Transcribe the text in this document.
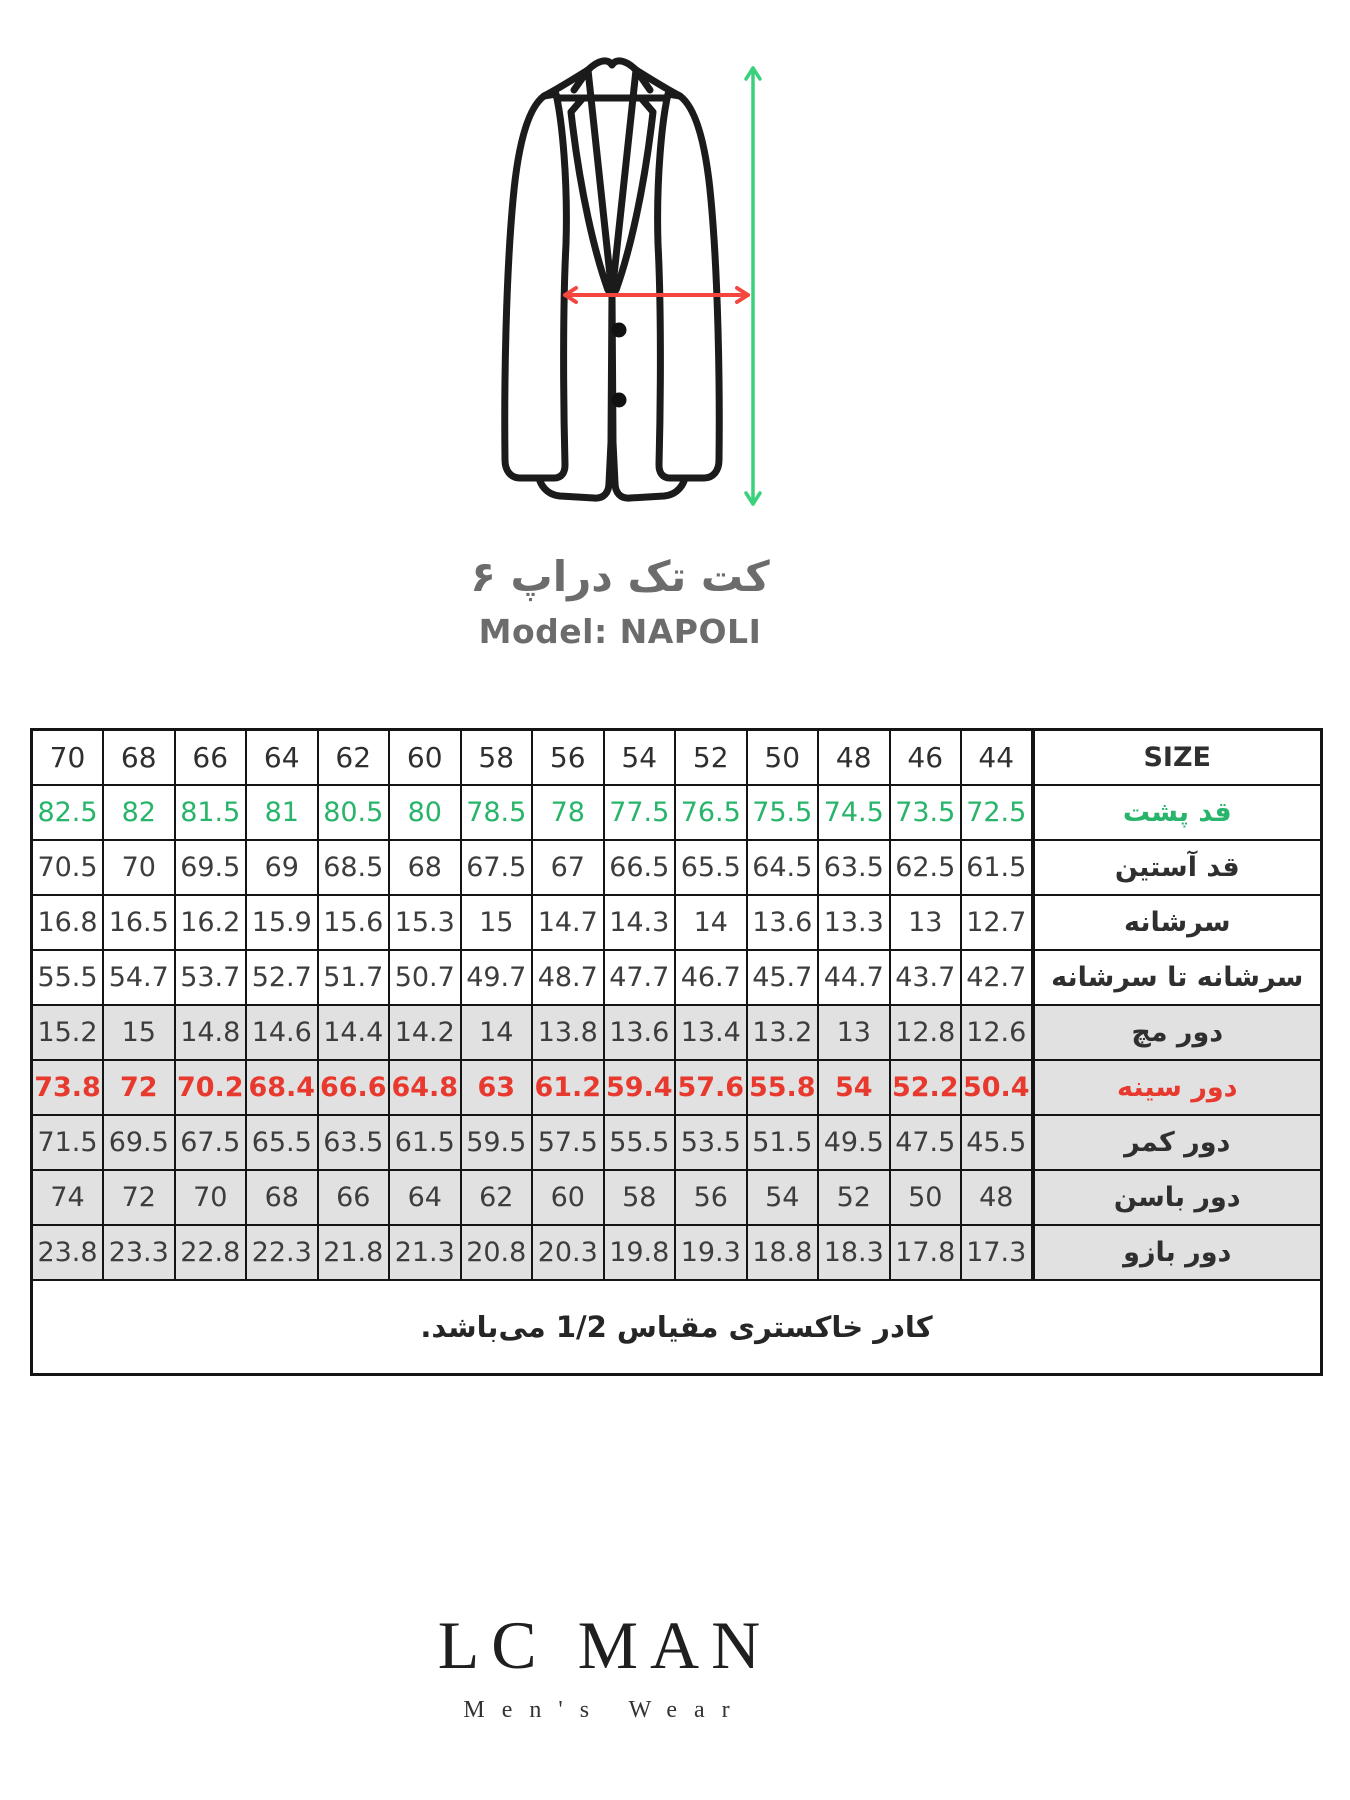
کت تک دراپ ۶
Model: NAPOLI
70	68	66	64	62	60	58	56	54	52	50	48	46	44	SIZE
82.5	82	81.5	81	80.5	80	78.5	78	77.5	76.5	75.5	74.5	73.5	72.5	قد پشت
70.5	70	69.5	69	68.5	68	67.5	67	66.5	65.5	64.5	63.5	62.5	61.5	قد آستین
16.8	16.5	16.2	15.9	15.6	15.3	15	14.7	14.3	14	13.6	13.3	13	12.7	سرشانه
55.5	54.7	53.7	52.7	51.7	50.7	49.7	48.7	47.7	46.7	45.7	44.7	43.7	42.7	سرشانه تا سرشانه
15.2	15	14.8	14.6	14.4	14.2	14	13.8	13.6	13.4	13.2	13	12.8	12.6	دور مچ
73.8	72	70.2	68.4	66.6	64.8	63	61.2	59.4	57.6	55.8	54	52.2	50.4	دور سینه
71.5	69.5	67.5	65.5	63.5	61.5	59.5	57.5	55.5	53.5	51.5	49.5	47.5	45.5	دور کمر
74	72	70	68	66	64	62	60	58	56	54	52	50	48	دور باسن
23.8	23.3	22.8	22.3	21.8	21.3	20.8	20.3	19.8	19.3	18.8	18.3	17.8	17.3	دور بازو
کادر خاکستری مقیاس 1/2 می‌باشد.														
LC MAN
Men's Wear
